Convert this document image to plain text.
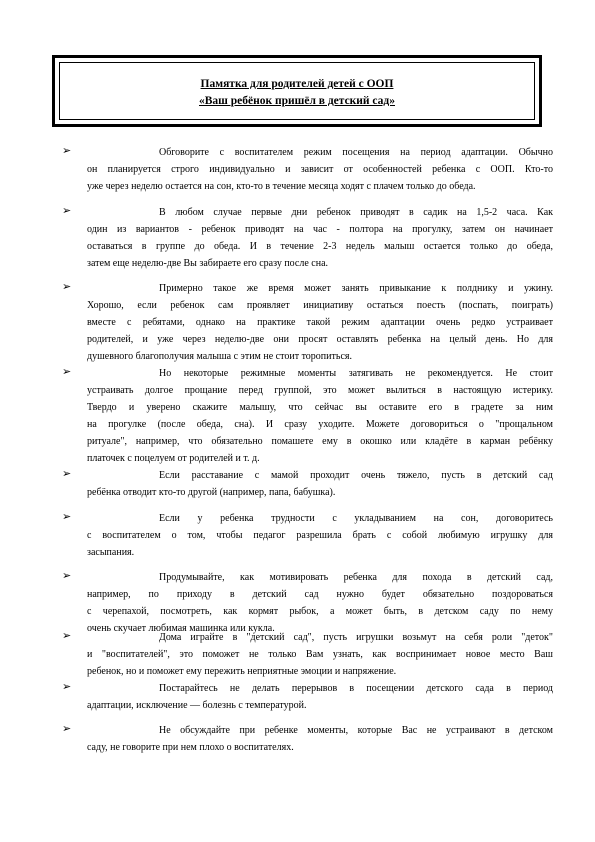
Памятка для родителей детей с ООП
«Ваш ребёнок пришёл в детский сад»
➢	Обговорите с воспитателем режим посещения на период адаптации. Обычно
он планируется строго индивидуально и зависит от особенностей ребенка с ООП. Кто-то
уже через неделю остается на сон, кто-то в течение месяца ходят с плачем только до обеда.
➢	В любом случае первые дни ребенок приводят в садик на 1,5-2 часа. Как
один из вариантов - ребенок приводят на час - полтора на прогулку, затем он начинает
оставаться в группе до обеда. И в течение 2-3 недель малыш остается только до обеда,
затем еще неделю-две Вы забираете его сразу после сна.
➢	Примерно такое же время может занять привыкание к полднику и ужину.
Хорошо, если ребенок сам проявляет инициативу остаться поесть (поспать, поиграть)
вместе с ребятами, однако на практике такой режим адаптации очень редко устраивает
родителей, и уже через неделю-две они просят оставлять ребенка на целый день. Но для
душевного благополучия малыша с этим не стоит торопиться.
➢	Но некоторые режимные моменты затягивать не рекомендуется. Не стоит
устраивать долгое прощание перед группой, это может вылиться в настоящую истерику.
Твердо и уверено скажите малышу, что сейчас вы оставите его в градете за ним
на прогулке (после обеда, сна). И сразу уходите. Можете договориться о "прощальном
ритуале", например, что обязательно помашете ему в окошко или кладёте в карман ребёнку
платочек с поцелуем от родителей и т. д.
➢	Если расставание с мамой проходит очень тяжело, пусть в детский сад
ребёнка отводит кто-то другой (например, папа, бабушка).
➢	Если у ребенка трудности с укладыванием на сон, договоритесь
с воспитателем о том, чтобы педагог разрешила брать с собой любимую игрушку для
засыпания.
➢	Продумывайте, как мотивировать ребенка для похода в детский сад,
например, по приходу в детский сад нужно будет обязательно поздороваться
с черепахой, посмотреть, как кормят рыбок, а может быть, в детском саду по нему
очень скучает любимая машинка или кукла.
➢	Дома играйте в "детский сад", пусть игрушки возьмут на себя роли "деток"
и "воспитателей", это поможет не только Вам узнать, как воспринимает новое место Ваш
ребенок, но и поможет ему пережить неприятные эмоции и напряжение.
➢	Постарайтесь не делать перерывов в посещении детского сада в период
адаптации, исключение — болезнь с температурой.
➢	Не обсуждайте при ребенке моменты, которые Вас не устраивают в детском
саду, не говорите при нем плохо о воспитателях.
